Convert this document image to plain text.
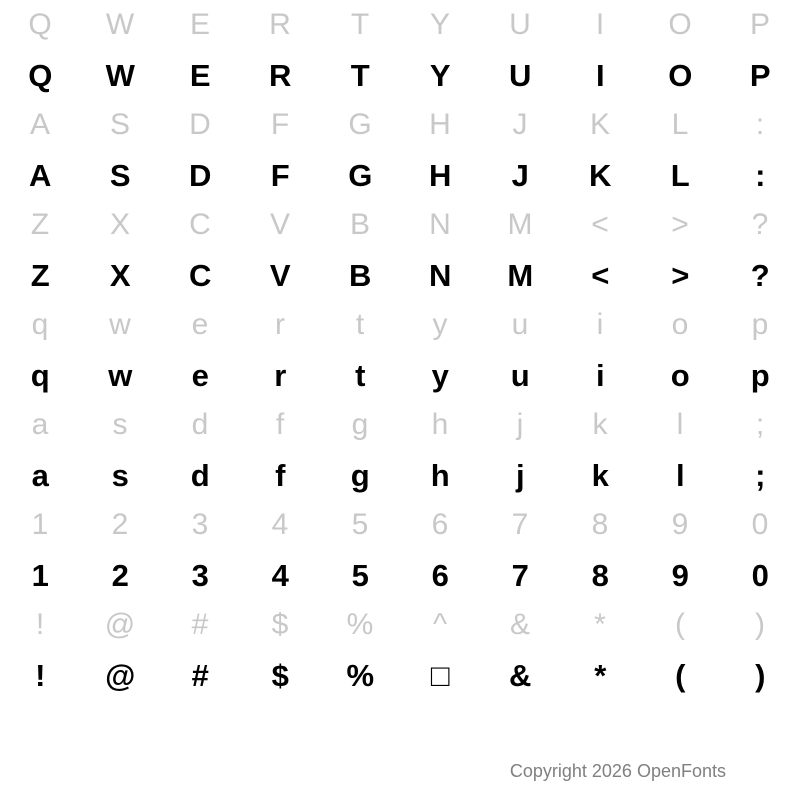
Q	W	E	R	T	Y	U	I	O	P
Q	W	E	R	T	Y	U	I	O	P
A	S	D	F	G	H	J	K	L	:
A	S	D	F	G	H	J	K	L	:
Z	X	C	V	B	N	M	<	>	?
Z	X	C	V	B	N	M	<	>	?
q	w	e	r	t	y	u	i	o	p
q	w	e	r	t	y	u	i	o	p
a	s	d	f	g	h	j	k	l	;
a	s	d	f	g	h	j	k	l	;
1	2	3	4	5	6	7	8	9	0
1	2	3	4	5	6	7	8	9	0
!	@	#	$	%	^	&	*	(	)
!	@	#	$	%	□	&	*	(	)
Copyright 2026 OpenFonts
